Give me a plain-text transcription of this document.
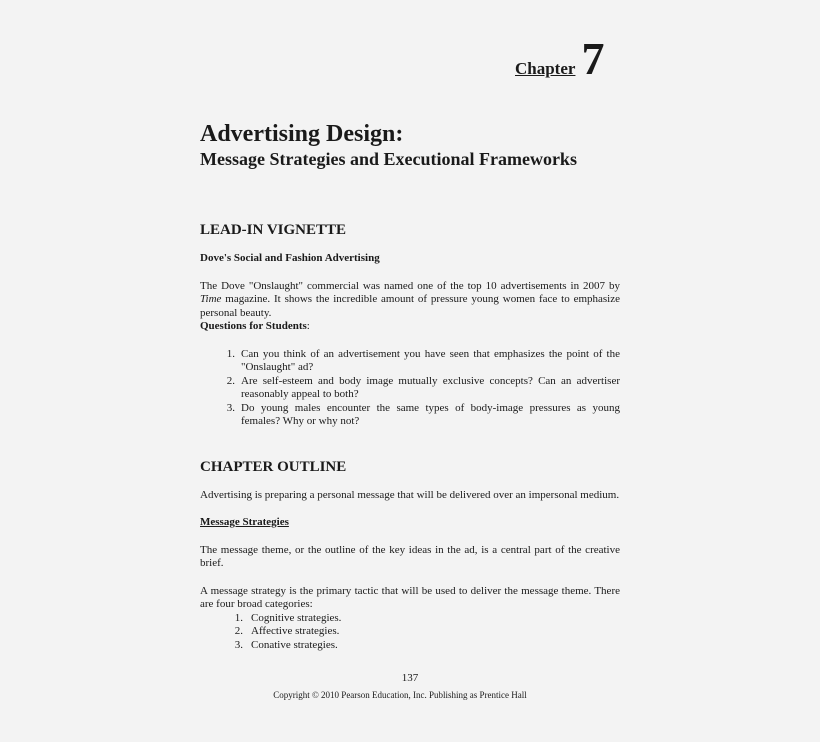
Chapter 7
Advertising Design:
Message Strategies and Executional Frameworks
LEAD-IN VIGNETTE
Dove's Social and Fashion Advertising

The Dove "Onslaught" commercial was named one of the top 10 advertisements in 2007 by Time magazine. It shows the incredible amount of pressure young women face to emphasize personal beauty.

Questions for Students:
1. Can you think of an advertisement you have seen that emphasizes the point of the "Onslaught" ad?
2. Are self-esteem and body image mutually exclusive concepts? Can an advertiser reasonably appeal to both?
3. Do young males encounter the same types of body-image pressures as young females? Why or why not?
CHAPTER OUTLINE

Advertising is preparing a personal message that will be delivered over an impersonal medium.

Message Strategies

The message theme, or the outline of the key ideas in the ad, is a central part of the creative brief.

A message strategy is the primary tactic that will be used to deliver the message theme. There are four broad categories:

1. Cognitive strategies.
2. Affective strategies.
3. Conative strategies.
137
Copyright © 2010 Pearson Education, Inc. Publishing as Prentice Hall
